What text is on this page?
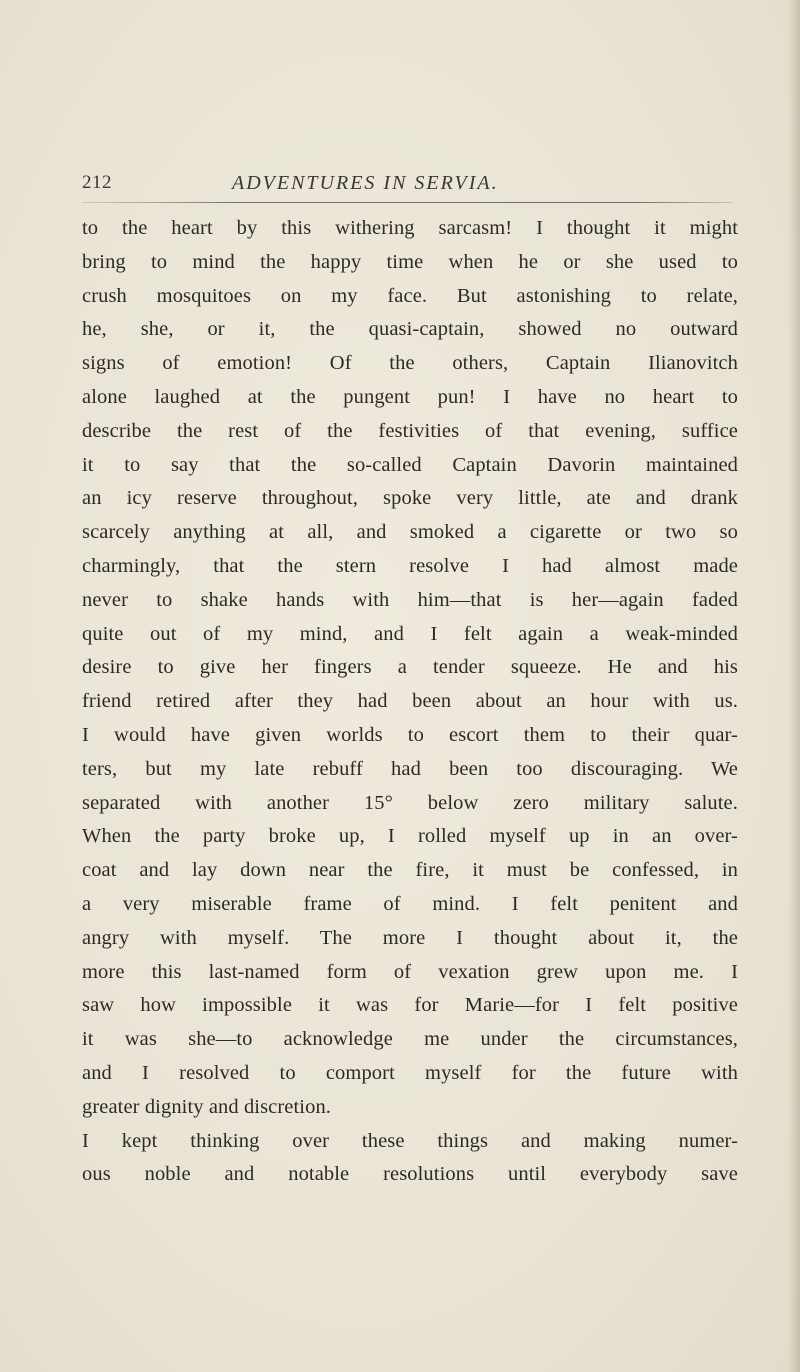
212	ADVENTURES IN SERVIA.
to the heart by this withering sarcasm! I thought it might
bring to mind the happy time when he or she used to
crush mosquitoes on my face. But astonishing to relate,
he, she, or it, the quasi-captain, showed no outward
signs of emotion! Of the others, Captain Ilianovitch
alone laughed at the pungent pun! I have no heart to
describe the rest of the festivities of that evening, suffice
it to say that the so-called Captain Davorin maintained
an icy reserve throughout, spoke very little, ate and drank
scarcely anything at all, and smoked a cigarette or two so
charmingly, that the stern resolve I had almost made
never to shake hands with him—that is her—again faded
quite out of my mind, and I felt again a weak-minded
desire to give her fingers a tender squeeze. He and his
friend retired after they had been about an hour with us.
I would have given worlds to escort them to their quar-
ters, but my late rebuff had been too discouraging. We
separated with another 15° below zero military salute.
When the party broke up, I rolled myself up in an over-
coat and lay down near the fire, it must be confessed, in
a very miserable frame of mind. I felt penitent and
angry with myself. The more I thought about it, the
more this last-named form of vexation grew upon me. I
saw how impossible it was for Marie—for I felt positive
it was she—to acknowledge me under the circumstances,
and I resolved to comport myself for the future with
greater dignity and discretion.
I kept thinking over these things and making numer-
ous noble and notable resolutions until everybody save
